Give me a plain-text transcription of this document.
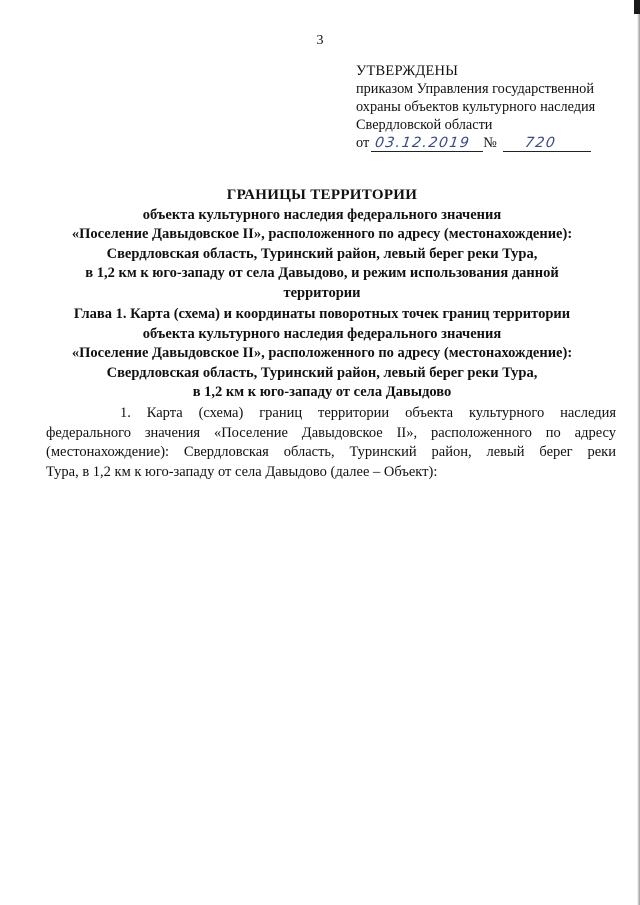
3
УТВЕРЖДЕНЫ
приказом Управления государственной
охраны объектов культурного наследия
Свердловской области
от 03.12.2019 № 720
ГРАНИЦЫ ТЕРРИТОРИИ
объекта культурного наследия федерального значения
«Поселение Давыдовское II», расположенного по адресу (местонахождение):
Свердловская область, Туринский район, левый берег реки Тура,
в 1,2 км к юго-западу от села Давыдово, и режим использования данной
территории
Глава 1. Карта (схема) и координаты поворотных точек границ территории
объекта культурного наследия федерального значения
«Поселение Давыдовское II», расположенного по адресу (местонахождение):
Свердловская область, Туринский район, левый берег реки Тура,
в 1,2 км к юго-западу от села Давыдово
1. Карта (схема) границ территории объекта культурного наследия
федерального значения «Поселение Давыдовское II», расположенного по адресу
(местонахождение): Свердловская область, Туринский район, левый берег реки
Тура, в 1,2 км к юго-западу от села Давыдово (далее – Объект):
